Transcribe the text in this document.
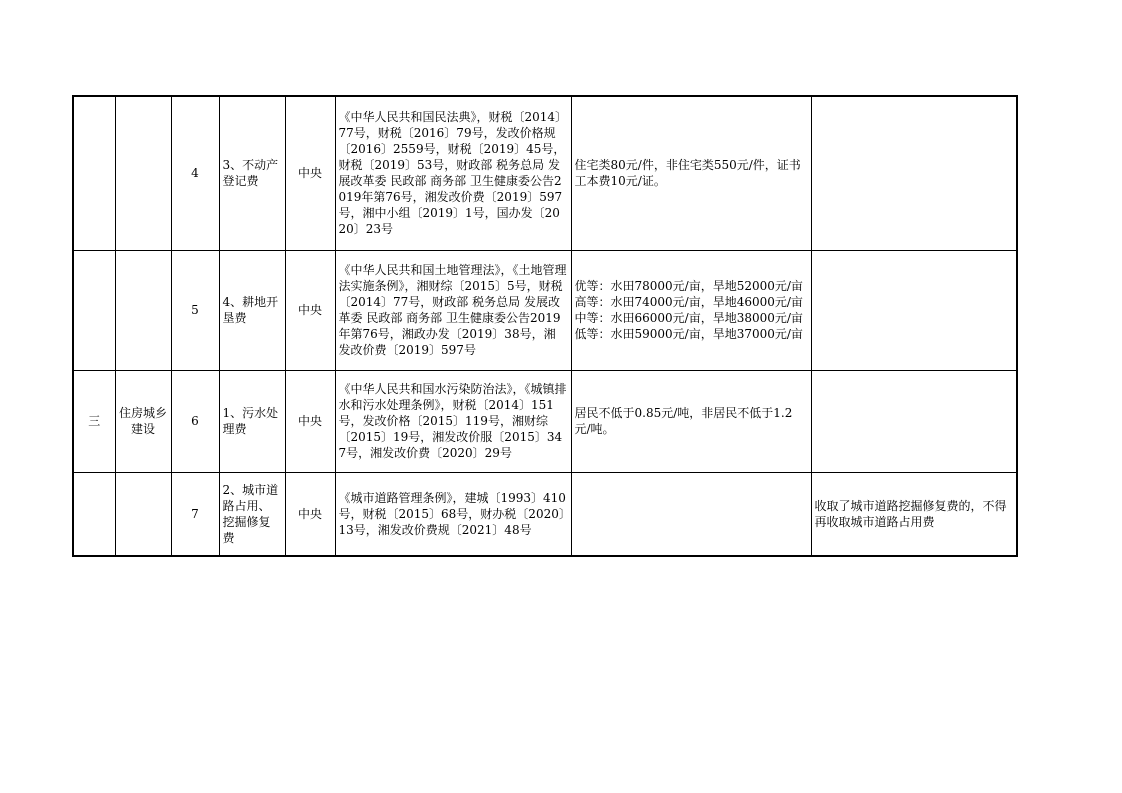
		4	3、不动产登记费	中央	《中华人民共和国民法典》，财税〔2014〕77号，财税〔2016〕79号，发改价格规〔2016〕2559号，财税〔2019〕45号，财税〔2019〕53号，财政部 税务总局 发展改革委 民政部 商务部 卫生健康委公告2019年第76号，湘发改价费〔2019〕597号，湘中小组〔2019〕1号，国办发〔2020〕23号	住宅类80元/件，非住宅类550元/件，证书工本费10元/证。	
		5	4、耕地开垦费	中央	《中华人民共和国土地管理法》，《土地管理法实施条例》，湘财综〔2015〕5号，财税〔2014〕77号，财政部 税务总局 发展改革委 民政部 商务部 卫生健康委公告2019年第76号，湘政办发〔2019〕38号，湘发改价费〔2019〕597号	优等：水田78000元/亩，旱地52000元/亩
高等：水田74000元/亩，旱地46000元/亩
中等：水田66000元/亩，旱地38000元/亩
低等：水田59000元/亩，旱地37000元/亩	
三	住房城乡建设	6	1、污水处理费	中央	《中华人民共和国水污染防治法》，《城镇排水和污水处理条例》，财税〔2014〕151号，发改价格〔2015〕119号，湘财综〔2015〕19号，湘发改价服〔2015〕347号，湘发改价费〔2020〕29号	居民不低于0.85元/吨，非居民不低于1.2元/吨。	
		7	2、城市道路占用、挖掘修复费	中央	《城市道路管理条例》，建城〔1993〕410号，财税〔2015〕68号，财办税〔2020〕13号，湘发改价费规〔2021〕48号		收取了城市道路挖掘修复费的，不得再收取城市道路占用费
